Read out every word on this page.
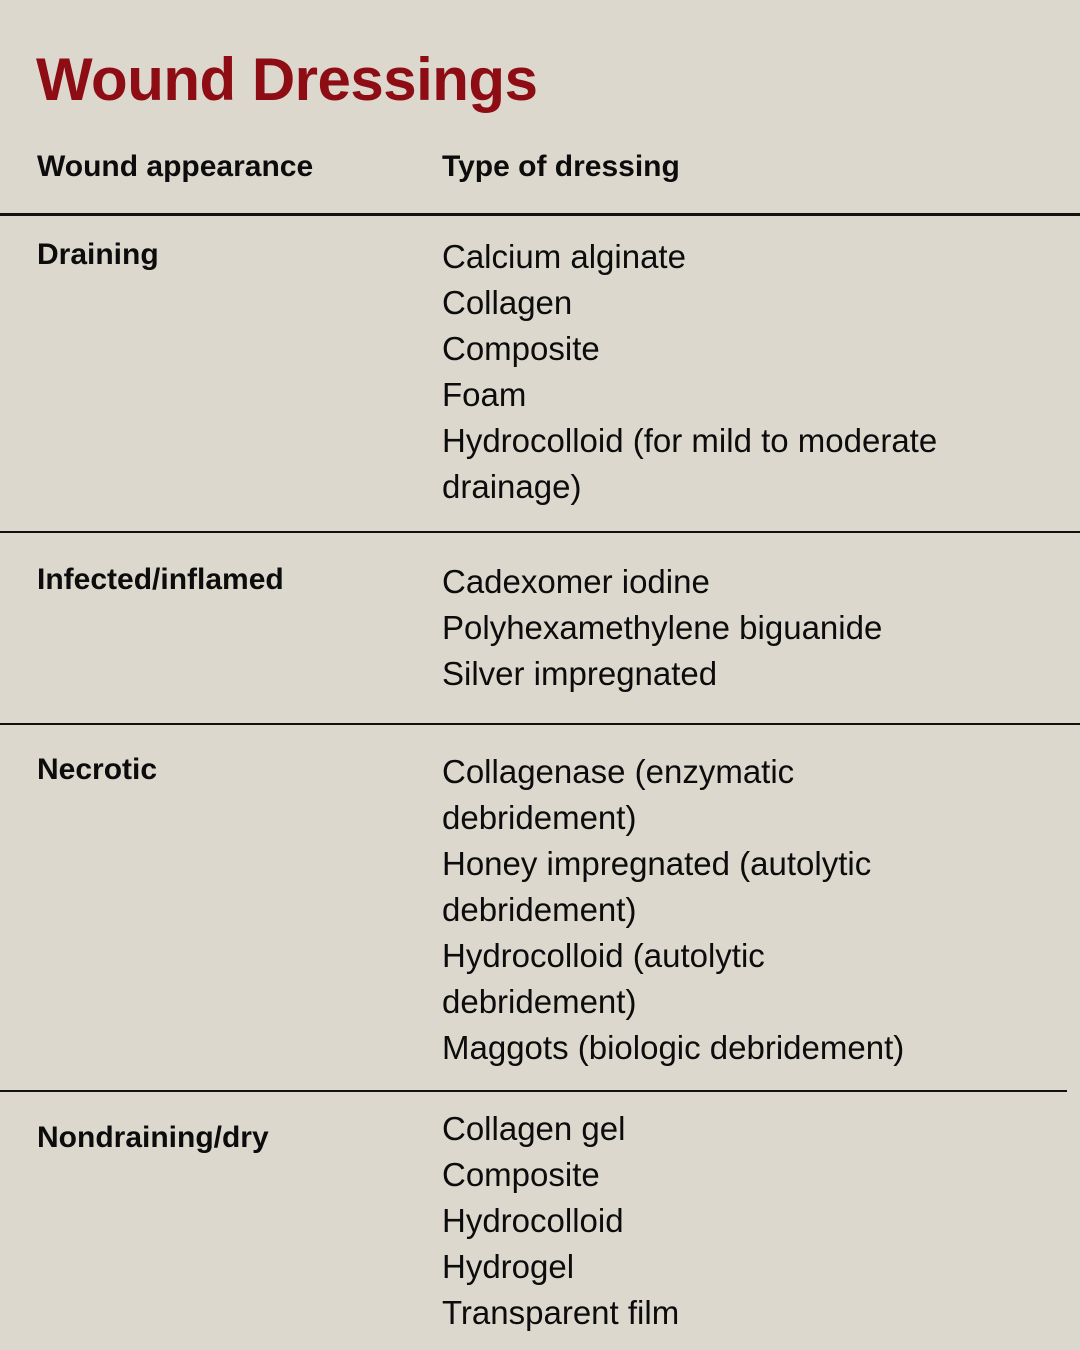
Wound Dressings
Wound appearance	Type of dressing
Draining	Calcium alginate
Collagen
Composite
Foam
Hydrocolloid (for mild to moderate drainage)
Infected/inflamed	Cadexomer iodine
Polyhexamethylene biguanide
Silver impregnated
Necrotic	Collagenase (enzymatic debridement)
Honey impregnated (autolytic debridement)
Hydrocolloid (autolytic debridement)
Maggots (biologic debridement)
Nondraining/dry	Collagen gel
Composite
Hydrocolloid
Hydrogel
Transparent film
